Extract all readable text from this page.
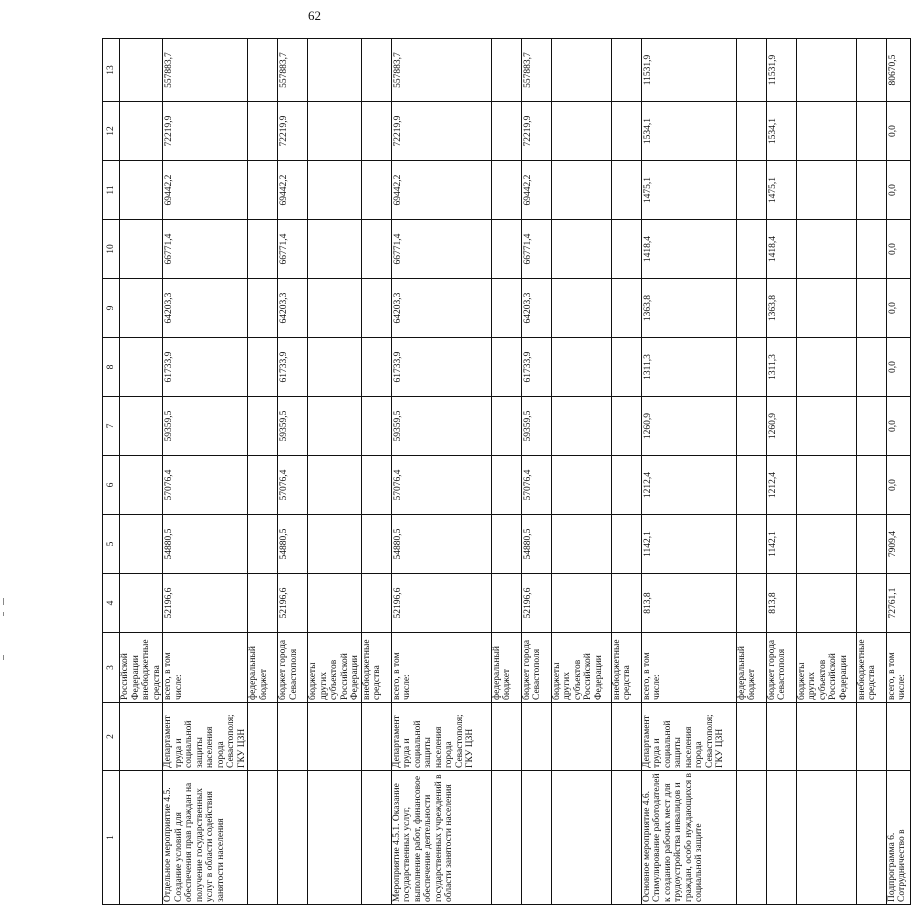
62
1	2	3	4	5	6	7	8	9	10	11	12	13
		Российской Федерации внебюджетные средства										
Отдельное мероприятие 4.5. Создание условий для обеспечения прав граждан на получение государственных услуг в области содействия занятости населения	Департамент труда и социальной защиты населения города Севастополя; ГКУ ЦЗН	всего, в том числе:	52196,6	54880,5	57076,4	59359,5	61733,9	64203,3	66771,4	69442,2	72219,9	557883,7
		федеральный бюджет										
		бюджет города Севастополя	52196,6	54880,5	57076,4	59359,5	61733,9	64203,3	66771,4	69442,2	72219,9	557883,7
		бюджеты других субъектов Российской Федерации										
		внебюджетные средства										
Мероприятие 4.5.1. Оказание государственных услуг, выполнение работ, финансовое обеспечение деятельности государственных учреждений в области занятости населения	Департамент труда и социальной защиты населения города Севастополя; ГКУ ЦЗН	всего, в том числе:	52196,6	54880,5	57076,4	59359,5	61733,9	64203,3	66771,4	69442,2	72219,9	557883,7
		федеральный бюджет										
		бюджет города Севастополя	52196,6	54880,5	57076,4	59359,5	61733,9	64203,3	66771,4	69442,2	72219,9	557883,7
		бюджеты других субъектов Российской Федерации										
		внебюджетные средства										
Основное мероприятие 4.6. Стимулирование работодателей к созданию рабочих мест для трудоустройства инвалидов и граждан, особо нуждающихся в социальной защите	Департамент труда и социальной защиты населения города Севастополя; ГКУ ЦЗН	всего, в том числе:	813,8	1142,1	1212,4	1260,9	1311,3	1363,8	1418,4	1475,1	1534,1	11531,9
		федеральный бюджет										
		бюджет города Севастополя	813,8	1142,1	1212,4	1260,9	1311,3	1363,8	1418,4	1475,1	1534,1	11531,9
		бюджеты других субъектов Российской Федерации										
		внебюджетные средства										
Подпрограмма 6. Сотрудничество в		всего, в том числе:	72761,1	7909,4	0,0	0,0	0,0	0,0	0,0	0,0	0,0	80670,5
